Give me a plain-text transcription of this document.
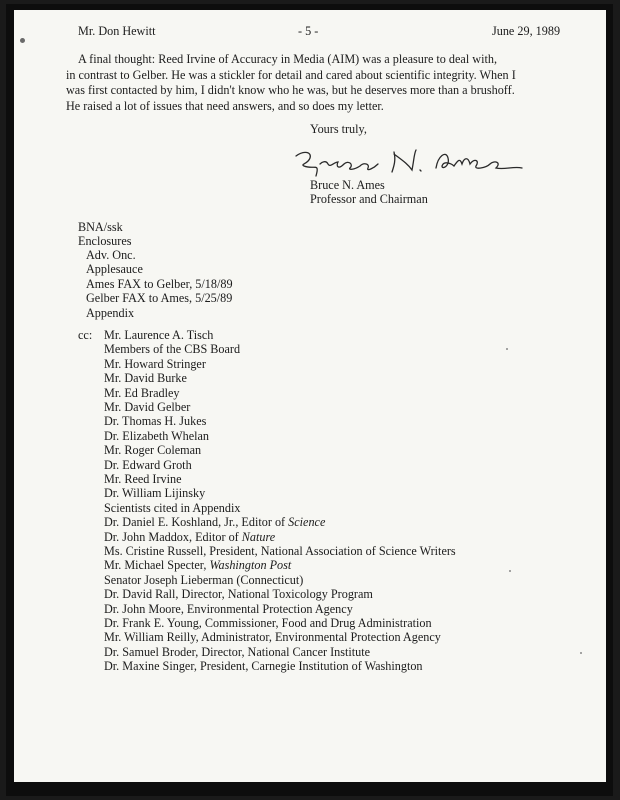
Mr. Don Hewitt	- 5 -	June 29, 1989
A final thought: Reed Irvine of Accuracy in Media (AIM) was a pleasure to deal with,
in contrast to Gelber. He was a stickler for detail and cared about scientific integrity. When I
was first contacted by him, I didn't know who he was, but he deserves more than a brushoff.
He raised a lot of issues that need answers, and so does my letter.
Yours truly,
Bruce N. Ames
Bruce N. Ames
Professor and Chairman
BNA/ssk
Enclosures
Adv. Onc.
Applesauce
Ames FAX to Gelber, 5/18/89
Gelber FAX to Ames, 5/25/89
Appendix
cc: Mr. Laurence A. Tisch
Members of the CBS Board
Mr. Howard Stringer
Mr. David Burke
Mr. Ed Bradley
Mr. David Gelber
Dr. Thomas H. Jukes
Dr. Elizabeth Whelan
Mr. Roger Coleman
Dr. Edward Groth
Mr. Reed Irvine
Dr. William Lijinsky
Scientists cited in Appendix
Dr. Daniel E. Koshland, Jr., Editor of Science
Dr. John Maddox, Editor of Nature
Ms. Cristine Russell, President, National Association of Science Writers
Mr. Michael Specter, Washington Post
Senator Joseph Lieberman (Connecticut)
Dr. David Rall, Director, National Toxicology Program
Dr. John Moore, Environmental Protection Agency
Dr. Frank E. Young, Commissioner, Food and Drug Administration
Mr. William Reilly, Administrator, Environmental Protection Agency
Dr. Samuel Broder, Director, National Cancer Institute
Dr. Maxine Singer, President, Carnegie Institution of Washington
